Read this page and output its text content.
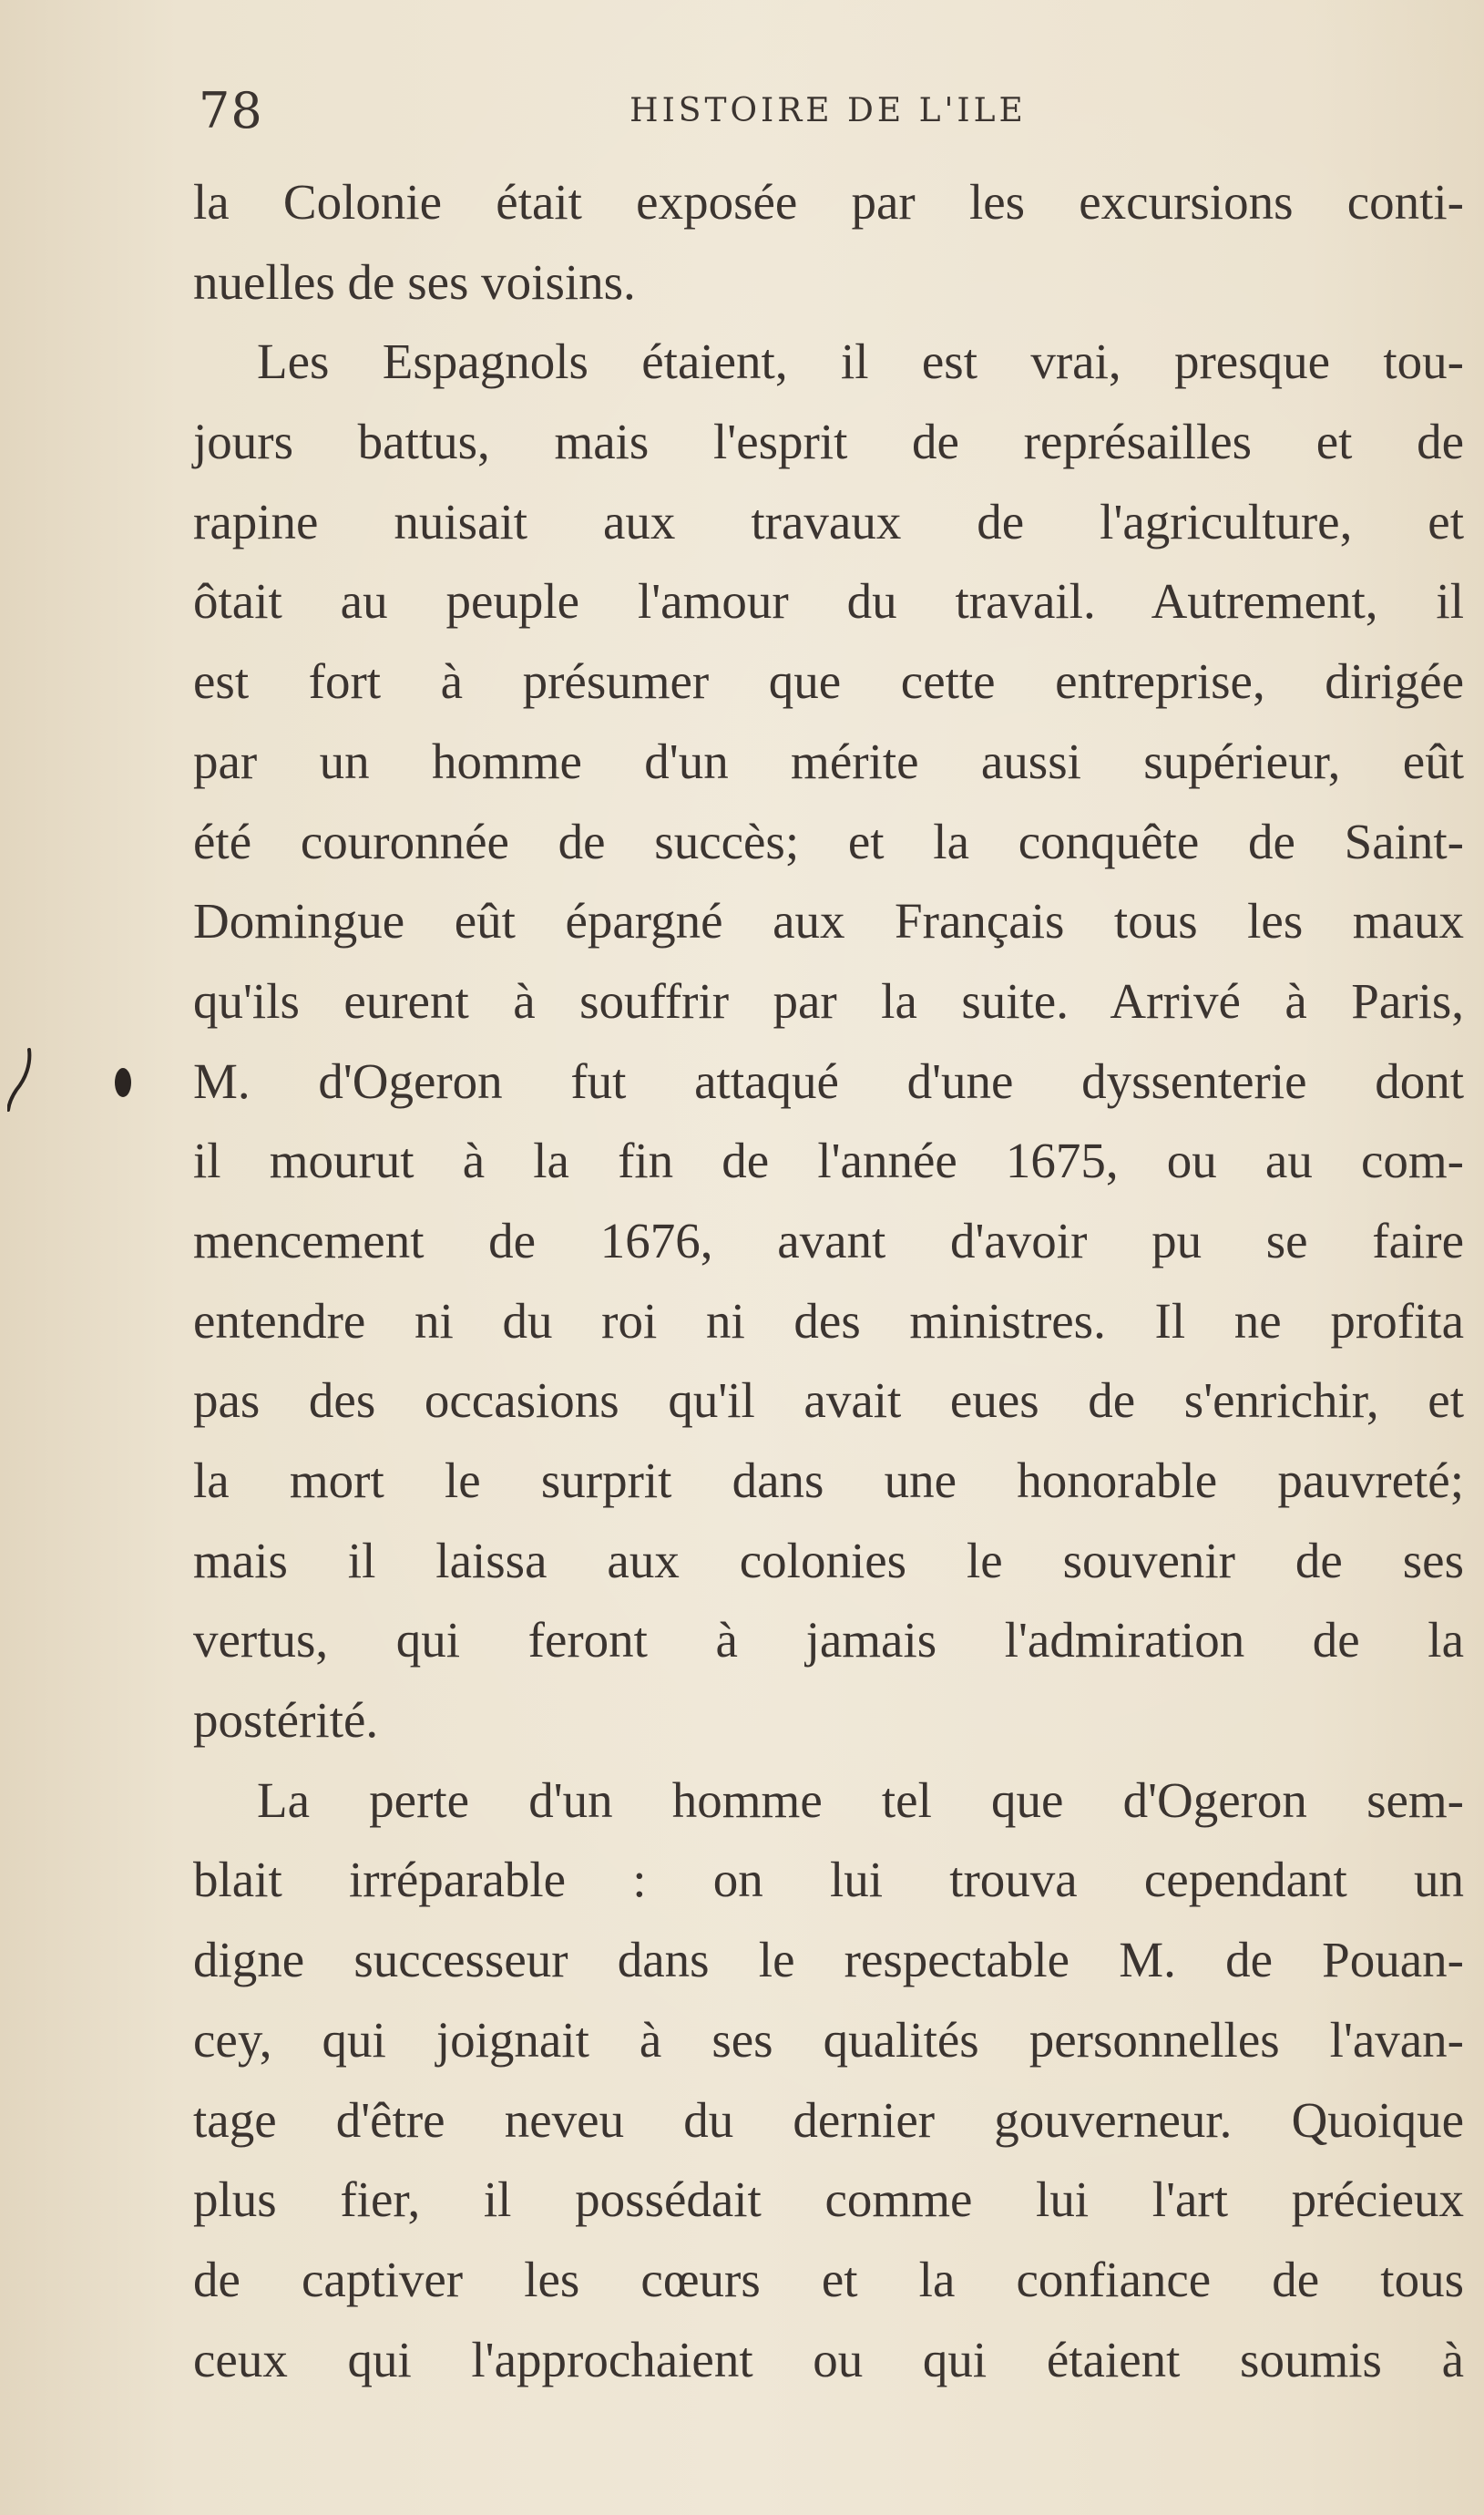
78	HISTOIRE DE L'ILE
la Colonie était exposée par les excursions conti-
nuelles de ses voisins.
Les Espagnols étaient, il est vrai, presque tou-
jours battus, mais l'esprit de représailles et de
rapine nuisait aux travaux de l'agriculture, et
ôtait au peuple l'amour du travail. Autrement, il
est fort à présumer que cette entreprise, dirigée
par un homme d'un mérite aussi supérieur, eût
été couronnée de succès; et la conquête de Saint-
Domingue eût épargné aux Français tous les maux
qu'ils eurent à souffrir par la suite. Arrivé à Paris,
M. d'Ogeron fut attaqué d'une dyssenterie dont
il mourut à la fin de l'année 1675, ou au com-
mencement de 1676, avant d'avoir pu se faire
entendre ni du roi ni des ministres. Il ne profita
pas des occasions qu'il avait eues de s'enrichir, et
la mort le surprit dans une honorable pauvreté;
mais il laissa aux colonies le souvenir de ses
vertus, qui feront à jamais l'admiration de la
postérité.
La perte d'un homme tel que d'Ogeron sem-
blait irréparable : on lui trouva cependant un
digne successeur dans le respectable M. de Pouan-
cey, qui joignait à ses qualités personnelles l'avan-
tage d'être neveu du dernier gouverneur. Quoique
plus fier, il possédait comme lui l'art précieux
de captiver les cœurs et la confiance de tous
ceux qui l'approchaient ou qui étaient soumis à
